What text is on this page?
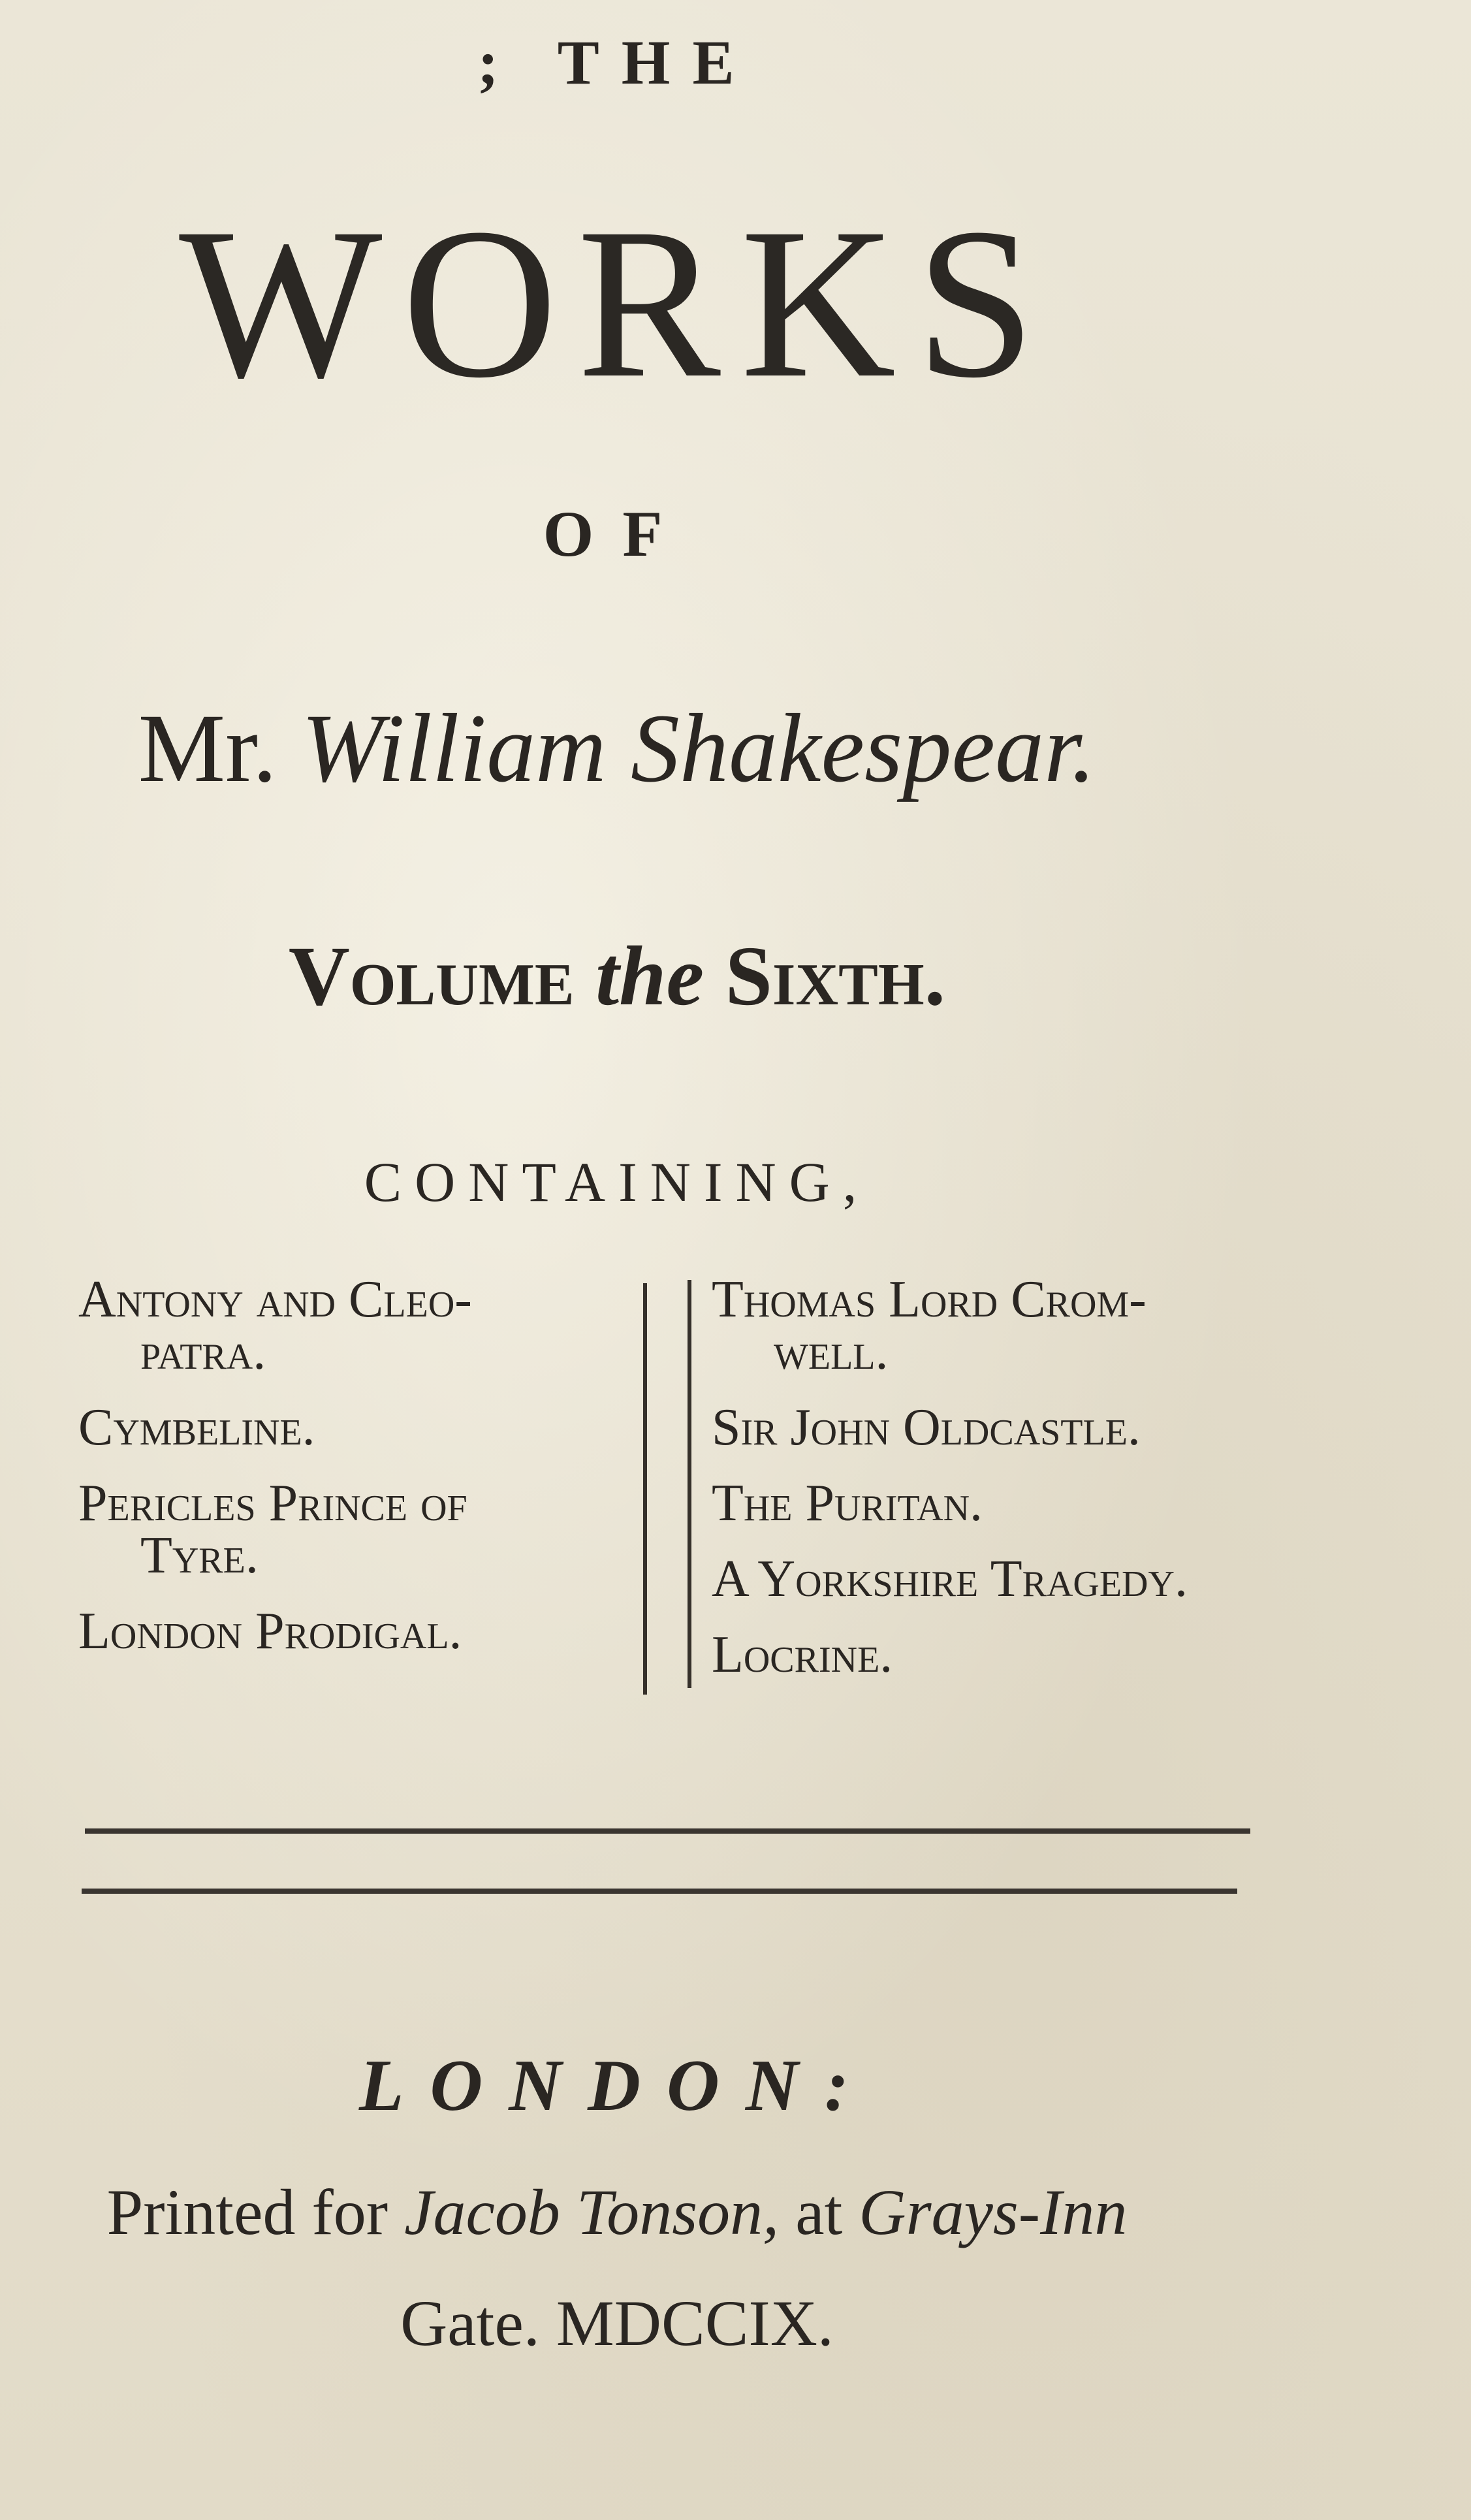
; THE
WORKS
OF
Mr. William Shakespear.
Volume the Sixth.
CONTAINING,
Antony and Cleo-
patra.
Cymbeline.
Pericles Prince of
Tyre.
London Prodigal.
Thomas Lord Crom-
well.
Sir John Oldcastle.
The Puritan.
A Yorkshire Tragedy.
Locrine.
LONDON:
Printed for Jacob Tonson, at Grays-Inn
Gate. MDCCIX.
